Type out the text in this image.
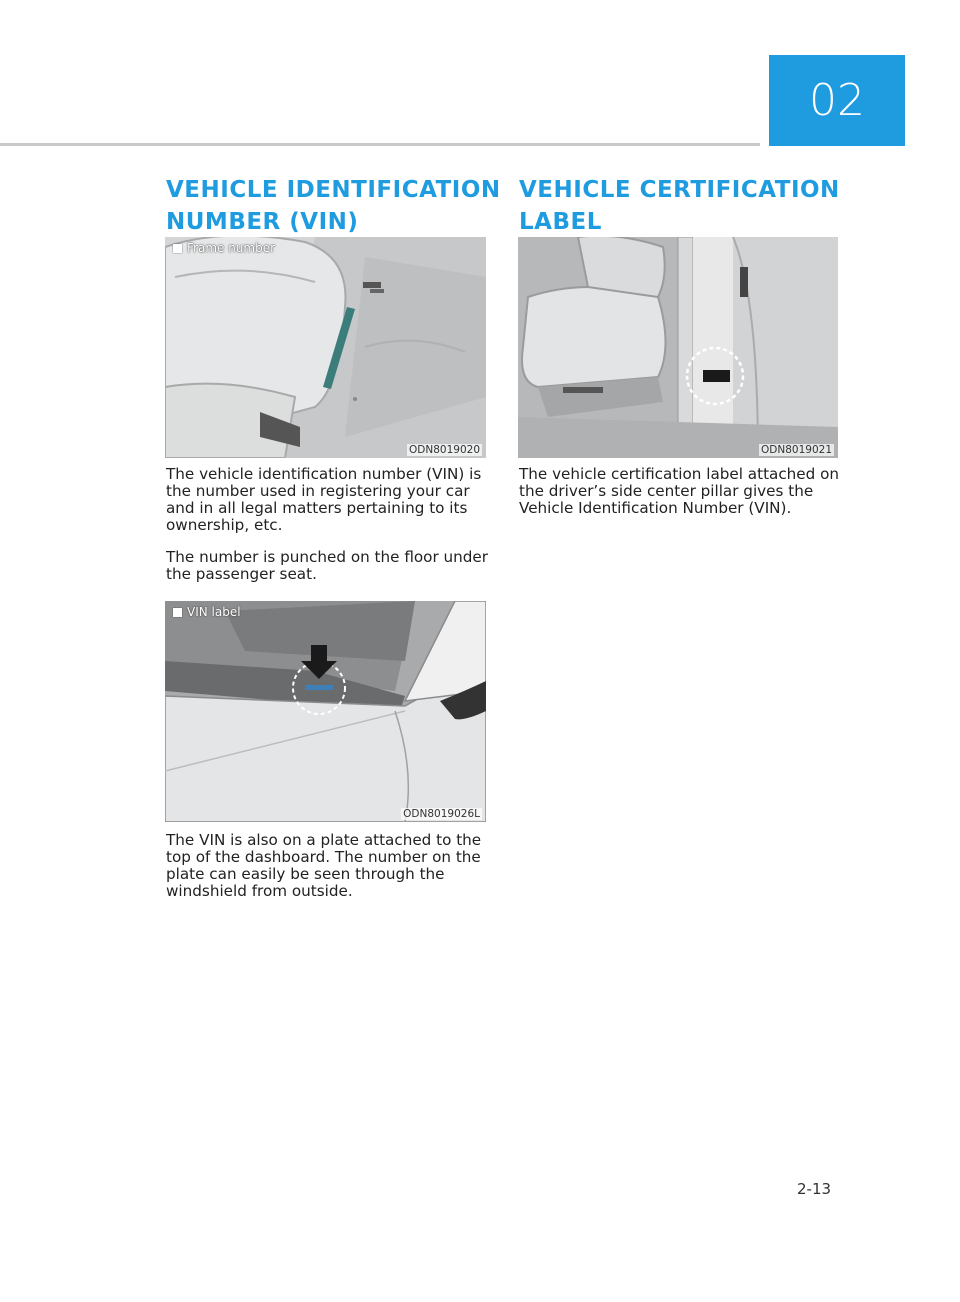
02
VEHICLE IDENTIFICATION
NUMBER (VIN)
Frame number
ODN8019020

The vehicle identification number (VIN) is the number used in registering your car and in all legal matters pertaining to its ownership, etc.

The number is punched on the floor under the passenger seat.

VIN label
ODN8019026L

The VIN is also on a plate attached to the top of the dashboard. The number on the plate can easily be seen through the windshield from outside.

VEHICLE CERTIFICATION
LABEL
ODN8019021

The vehicle certification label attached on the driver’s side center pillar gives the Vehicle Identification Number (VIN).

2-13
